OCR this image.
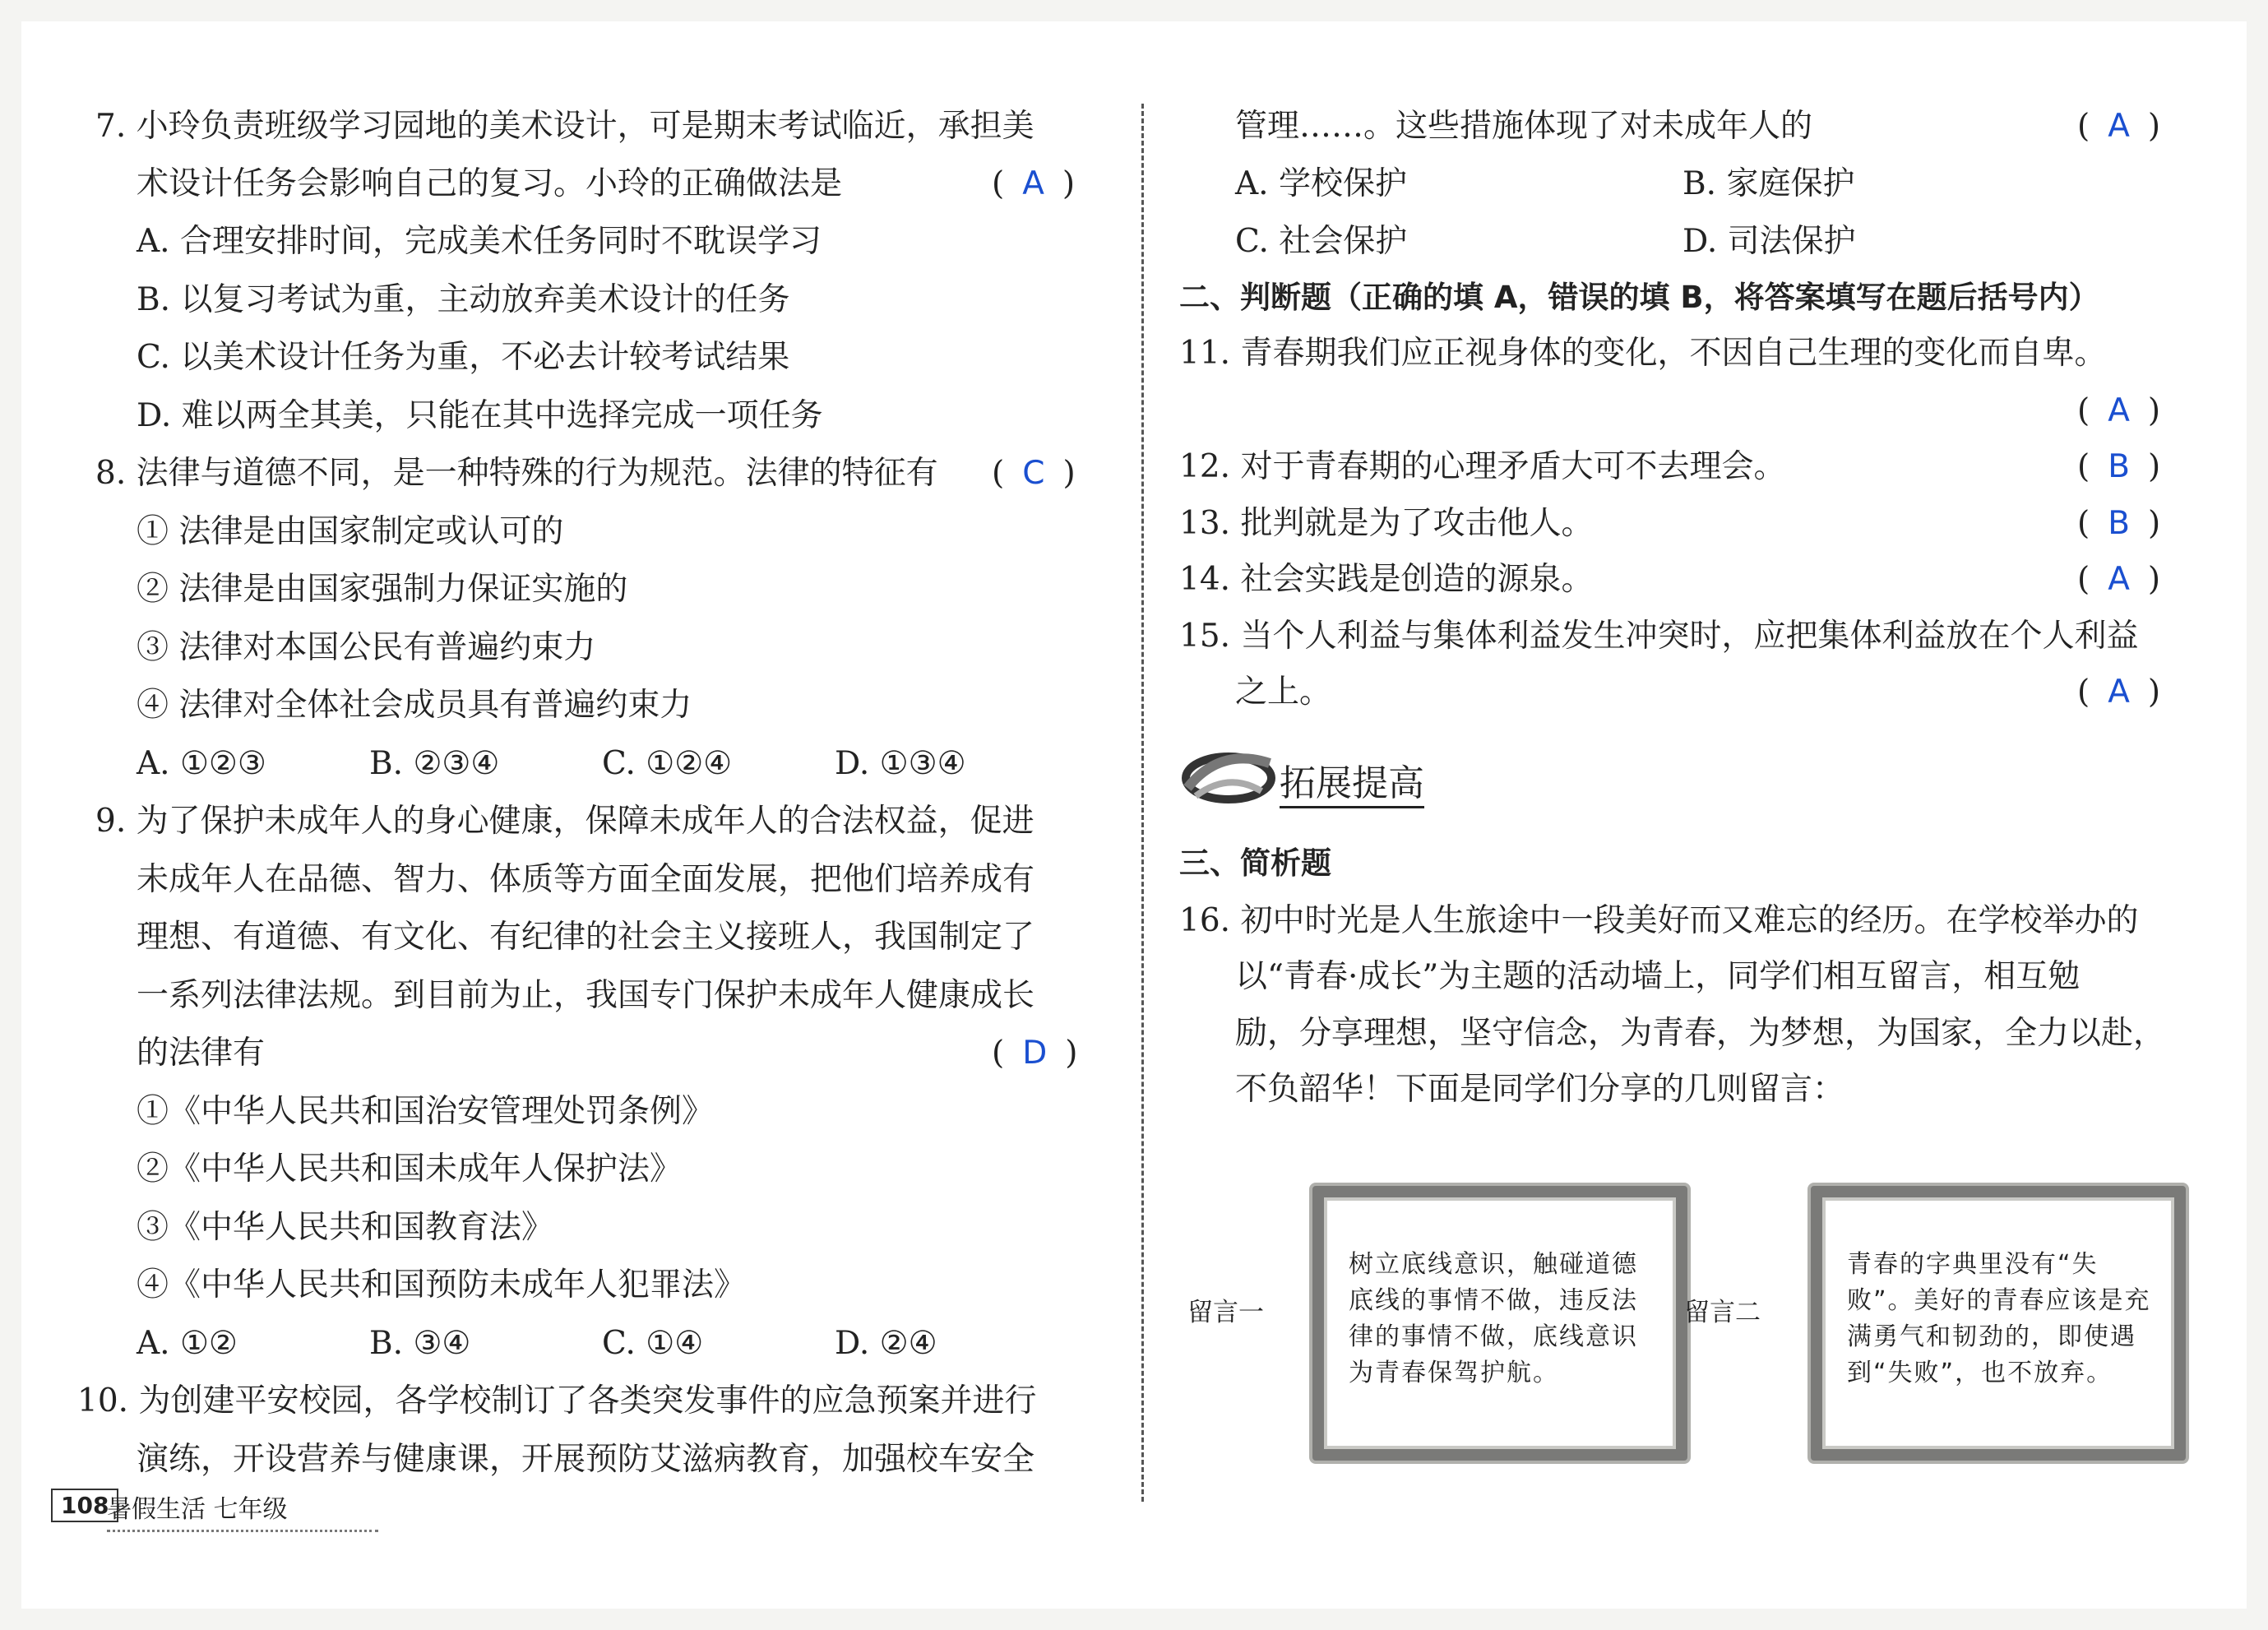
7. 小玲负责班级学习园地的美术设计，可是期末考试临近，承担美
术设计任务会影响自己的复习。小玲的正确做法是	( A )
A. 合理安排时间，完成美术任务同时不耽误学习
B. 以复习考试为重，主动放弃美术设计的任务
C. 以美术设计任务为重，不必去计较考试结果
D. 难以两全其美，只能在其中选择完成一项任务
8. 法律与道德不同，是一种特殊的行为规范。法律的特征有 ( C )
① 法律是由国家制定或认可的
② 法律是由国家强制力保证实施的
③ 法律对本国公民有普遍约束力
④ 法律对全体社会成员具有普遍约束力
A. ①②③	B. ②③④	C. ①②④	D. ①③④
9. 为了保护未成年人的身心健康，保障未成年人的合法权益，促进
未成年人在品德、智力、体质等方面全面发展，把他们培养成有
理想、有道德、有文化、有纪律的社会主义接班人，我国制定了
一系列法律法规。到目前为止，我国专门保护未成年人健康成长
的法律有	( D )
①《中华人民共和国治安管理处罚条例》
②《中华人民共和国未成年人保护法》
③《中华人民共和国教育法》
④《中华人民共和国预防未成年人犯罪法》
A. ①②	B. ③④	C. ①④	D. ②④
10. 为创建平安校园，各学校制订了各类突发事件的应急预案并进行
演练，开设营养与健康课，开展预防艾滋病教育，加强校车安全
管理……。这些措施体现了对未成年人的	( A )
A. 学校保护	B. 家庭保护
C. 社会保护	D. 司法保护
二、判断题（正确的填 A，错误的填 B，将答案填写在题后括号内）
11. 青春期我们应正视身体的变化，不因自己生理的变化而自卑。
( A )
12. 对于青春期的心理矛盾大可不去理会。	( B )
13. 批判就是为了攻击他人。	( B )
14. 社会实践是创造的源泉。	( A )
15. 当个人利益与集体利益发生冲突时，应把集体利益放在个人利益
之上。	( A )
拓展提高
三、简析题
16. 初中时光是人生旅途中一段美好而又难忘的经历。在学校举办的
以“青春·成长”为主题的活动墙上，同学们相互留言，相互勉
励，分享理想，坚守信念，为青春，为梦想，为国家，全力以赴，
不负韶华！下面是同学们分享的几则留言：
留言一
树立底线意识，触碰道德底线的事情不做，违反法律的事情不做，底线意识为青春保驾护航。
留言二
青春的字典里没有“失败”。美好的青春应该是充满勇气和韧劲的，即使遇到“失败”，也不放弃。
108
暑假生活 七年级
